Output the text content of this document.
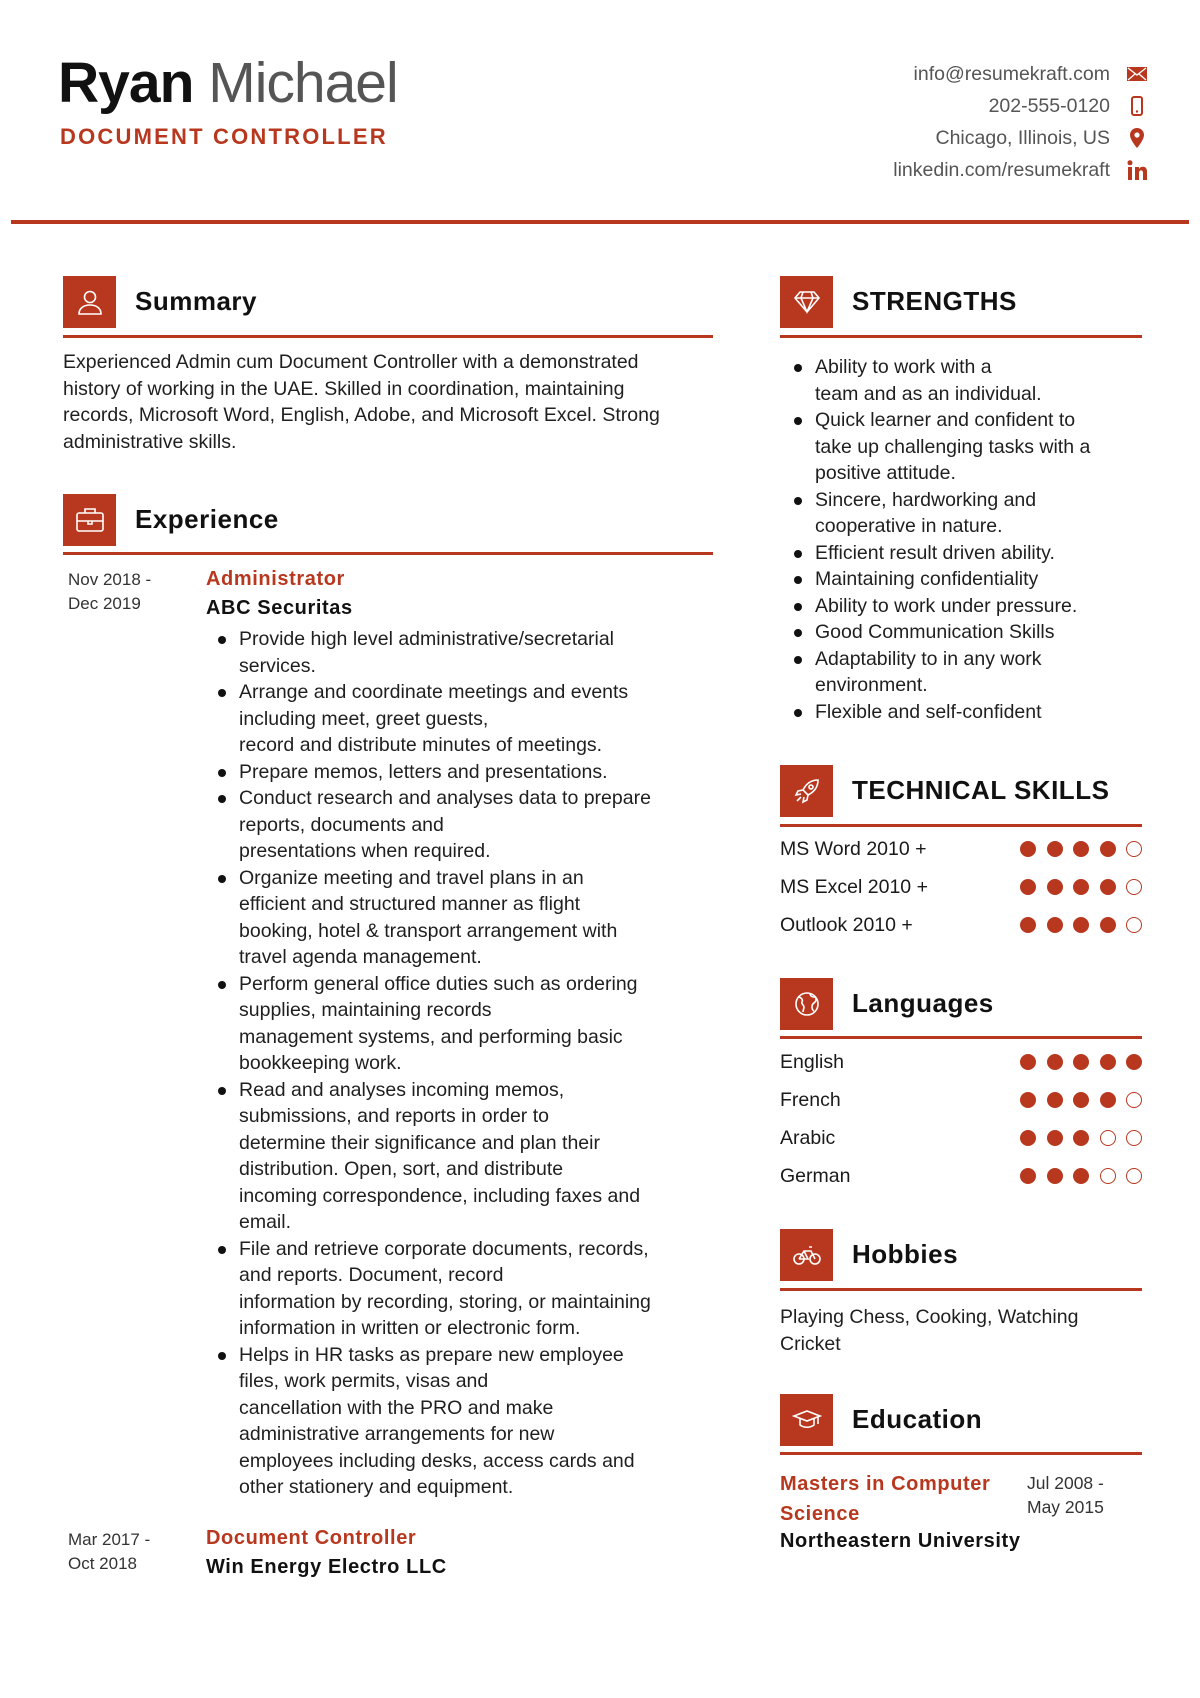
Ryan Michael
DOCUMENT CONTROLLER
info@resumekraft.com
202-555-0120
Chicago, Illinois, US
linkedin.com/resumekraft
Summary
Experienced Admin cum Document Controller with a demonstrated
history of working in the UAE. Skilled in coordination, maintaining
records, Microsoft Word, English, Adobe, and Microsoft Excel. Strong
administrative skills.
Experience
Nov 2018 -
Dec 2019
Administrator
ABC Securitas
Provide high level administrative/secretarial
services.
Arrange and coordinate meetings and events
including meet, greet guests,
record and distribute minutes of meetings.
Prepare memos, letters and presentations.
Conduct research and analyses data to prepare
reports, documents and
presentations when required.
Organize meeting and travel plans in an
efficient and structured manner as flight
booking, hotel & transport arrangement with
travel agenda management.
Perform general office duties such as ordering
supplies, maintaining records
management systems, and performing basic
bookkeeping work.
Read and analyses incoming memos,
submissions, and reports in order to
determine their significance and plan their
distribution. Open, sort, and distribute
incoming correspondence, including faxes and
email.
File and retrieve corporate documents, records,
and reports. Document, record
information by recording, storing, or maintaining
information in written or electronic form.
Helps in HR tasks as prepare new employee
files, work permits, visas and
cancellation with the PRO and make
administrative arrangements for new
employees including desks, access cards and
other stationery and equipment.
Mar 2017 -
Oct 2018
Document Controller
Win Energy Electro LLC
STRENGTHS
Ability to work with a
team and as an individual.
Quick learner and confident to
take up challenging tasks with a
positive attitude.
Sincere, hardworking and
cooperative in nature.
Efficient result driven ability.
Maintaining confidentiality
Ability to work under pressure.
Good Communication Skills
Adaptability to in any work
environment.
Flexible and self-confident
TECHNICAL SKILLS
MS Word 2010 +
MS Excel 2010 +
Outlook 2010 +
Languages
English
French
Arabic
German
Hobbies
Playing Chess, Cooking, Watching
Cricket
Education
Masters in Computer
Science
Jul 2008 -
May 2015
Northeastern University
